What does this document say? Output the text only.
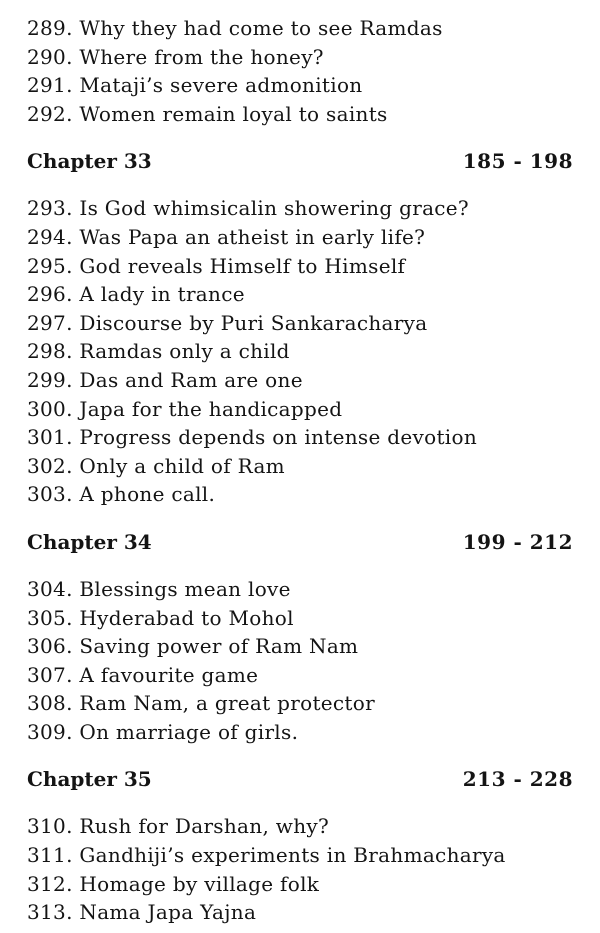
289. Why they had come to see Ramdas
290. Where from the honey?
291. Mataji’s severe admonition
292. Women remain loyal to saints
Chapter 33	185 - 198
293. Is God whimsicalin showering grace?
294. Was Papa an atheist in early life?
295. God reveals Himself to Himself
296. A lady in trance
297. Discourse by Puri Sankaracharya
298. Ramdas only a child
299. Das and Ram are one
300. Japa for the handicapped
301. Progress depends on intense devotion
302. Only a child of Ram
303. A phone call.
Chapter 34	199 - 212
304. Blessings mean love
305. Hyderabad to Mohol
306. Saving power of Ram Nam
307. A favourite game
308. Ram Nam, a great protector
309. On marriage of girls.
Chapter 35	213 - 228
310. Rush for Darshan, why?
311. Gandhiji’s experiments in Brahmacharya
312. Homage by village folk
313. Nama Japa Yajna
